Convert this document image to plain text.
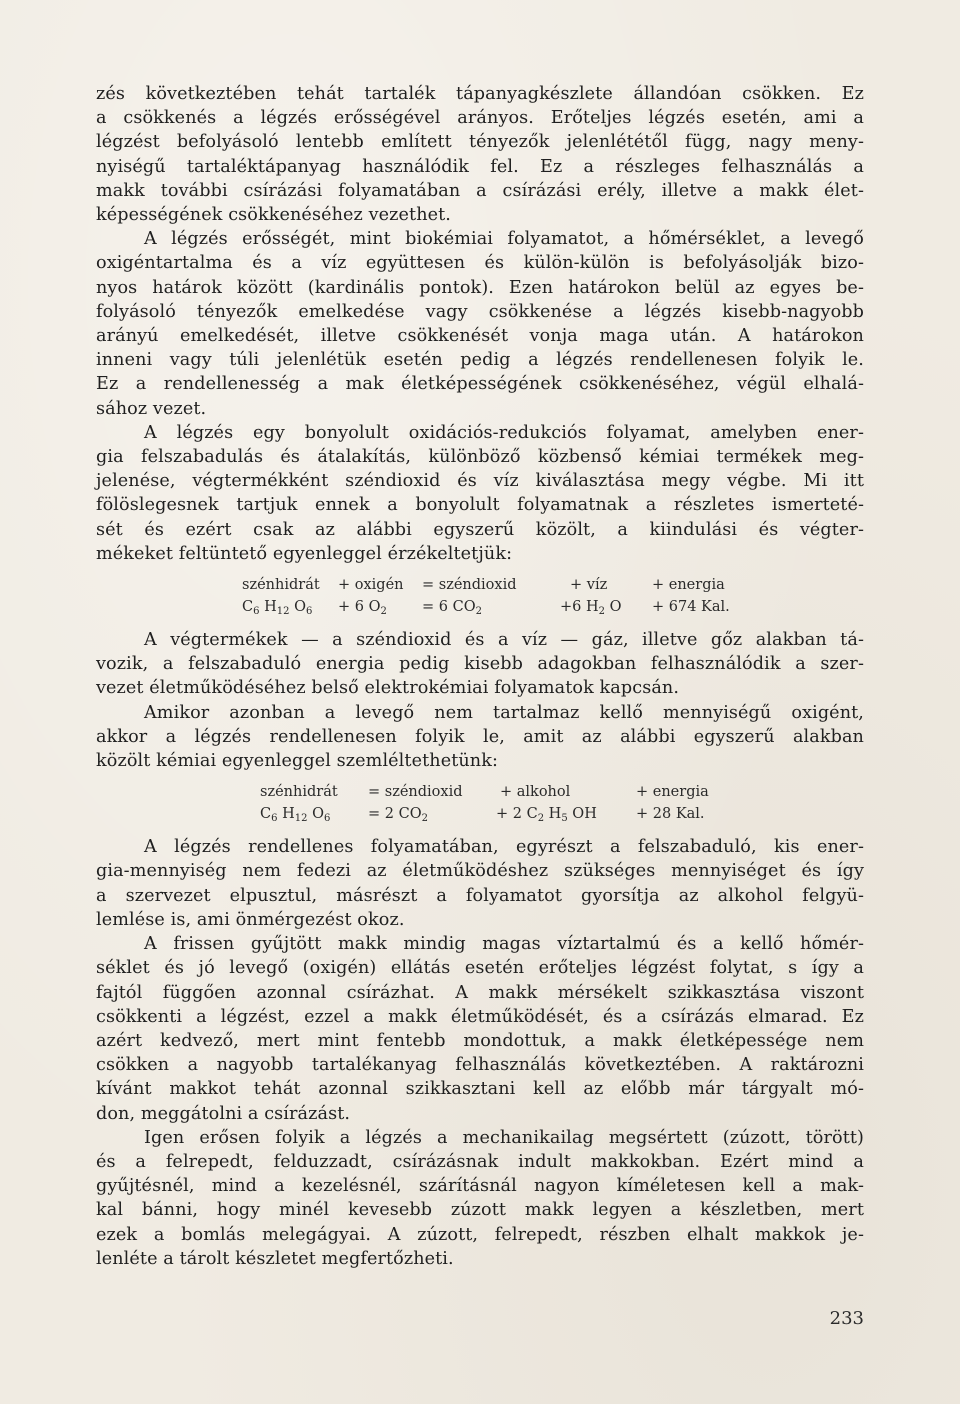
zés következtében tehát tartalék tápanyagkészlete állandóan csökken. Ez
a csökkenés a légzés erősségével arányos. Erőteljes légzés esetén, ami a
légzést befolyásoló lentebb említett tényezők jelenlététől függ, nagy meny-
nyiségű tartaléktápanyag használódik fel. Ez a részleges felhasználás a
makk további csírázási folyamatában a csírázási erély, illetve a makk élet-
képességének csökkenéséhez vezethet.

A légzés erősségét, mint biokémiai folyamatot, a hőmérséklet, a levegő
oxigéntartalma és a víz együttesen és külön-külön is befolyásolják bizo-
nyos határok között (kardinális pontok). Ezen határokon belül az egyes be-
folyásoló tényezők emelkedése vagy csökkenése a légzés kisebb-nagyobb
arányú emelkedését, illetve csökkenését vonja maga után. A határokon
inneni vagy túli jelenlétük esetén pedig a légzés rendellenesen folyik le.
Ez a rendellenesség a mak életképességének csökkenéséhez, végül elhalá-
sához vezet.

A légzés egy bonyolult oxidációs-redukciós folyamat, amelyben ener-
gia felszabadulás és átalakítás, különböző közbenső kémiai termékek meg-
jelenése, végtermékként széndioxid és víz kiválasztása megy végbe. Mi itt
fölöslegesnek tartjuk ennek a bonyolult folyamatnak a részletes ismerteté-
sét és ezért csak az alábbi egyszerű közölt, a kiindulási és végter-
mékeket feltüntető egyenleggel érzékeltetjük:

szénhidrát + oxigén = széndioxid	+ víz	+ energia
$C_6$ $H_{12}$ $O_6 + 6$ $O_2 = 6$ $CO_2$	+6 $H_2$ O + 674 Kal.

A végtermékek — a széndioxid és a víz — gáz, illetve gőz alakban tá-
vozik, a felszabaduló energia pedig kisebb adagokban felhasználódik a szer-
vezet életműködéséhez belső elektrokémiai folyamatok kapcsán.

Amikor azonban a levegő nem tartalmaz kellő mennyiségű oxigént,
akkor a légzés rendellenesen folyik le, amit az alábbi egyszerű alakban
közölt kémiai egyenleggel szemléltethetünk:

szénhidrát = széndioxid	+ alkohol	+ energia
$C_6$ $H_{12}$ $O_6$	= 2 $CO_2$	+ 2 $C_2$ $H_5$ OH	+ 28 Kal.

A légzés rendellenes folyamatában, egyrészt a felszabaduló, kis ener-
gia-mennyiség nem fedezi az életműködéshez szükséges mennyiséget és így
a szervezet elpusztul, másrészt a folyamatot gyorsítja az alkohol felgyü-
lemlése is, ami önmérgezést okoz.

A frissen gyűjtött makk mindig magas víztartalmú és a kellő hőmér-
séklet és jó levegő (oxigén) ellátás esetén erőteljes légzést folytat, s így a
fajtól függően azonnal csírázhat. A makk mérsékelt szikkasztása viszont
csökkenti a légzést, ezzel a makk életműködését, és a csírázás elmarad. Ez
azért kedvező, mert mint fentebb mondottuk, a makk életképessége nem
csökken a nagyobb tartalékanyag felhasználás következtében. A raktározni
kívánt makkot tehát azonnal szikkasztani kell az előbb már tárgyalt mó-
don, meggátolni a csírázást.

Igen erősen folyik a légzés a mechanikailag megsértett (zúzott, törött)
és a felrepedt, felduzzadt, csírázásnak indult makkokban. Ezért mind a
gyűjtésnél, mind a kezelésnél, szárításnál nagyon kíméletesen kell a mak-
kal bánni, hogy minél kevesebb zúzott makk legyen a készletben, mert
ezek a bomlás melegágyai. A zúzott, felrepedt, részben elhalt makkok je-
lenléte a tárolt készletet megfertőzheti.

233
